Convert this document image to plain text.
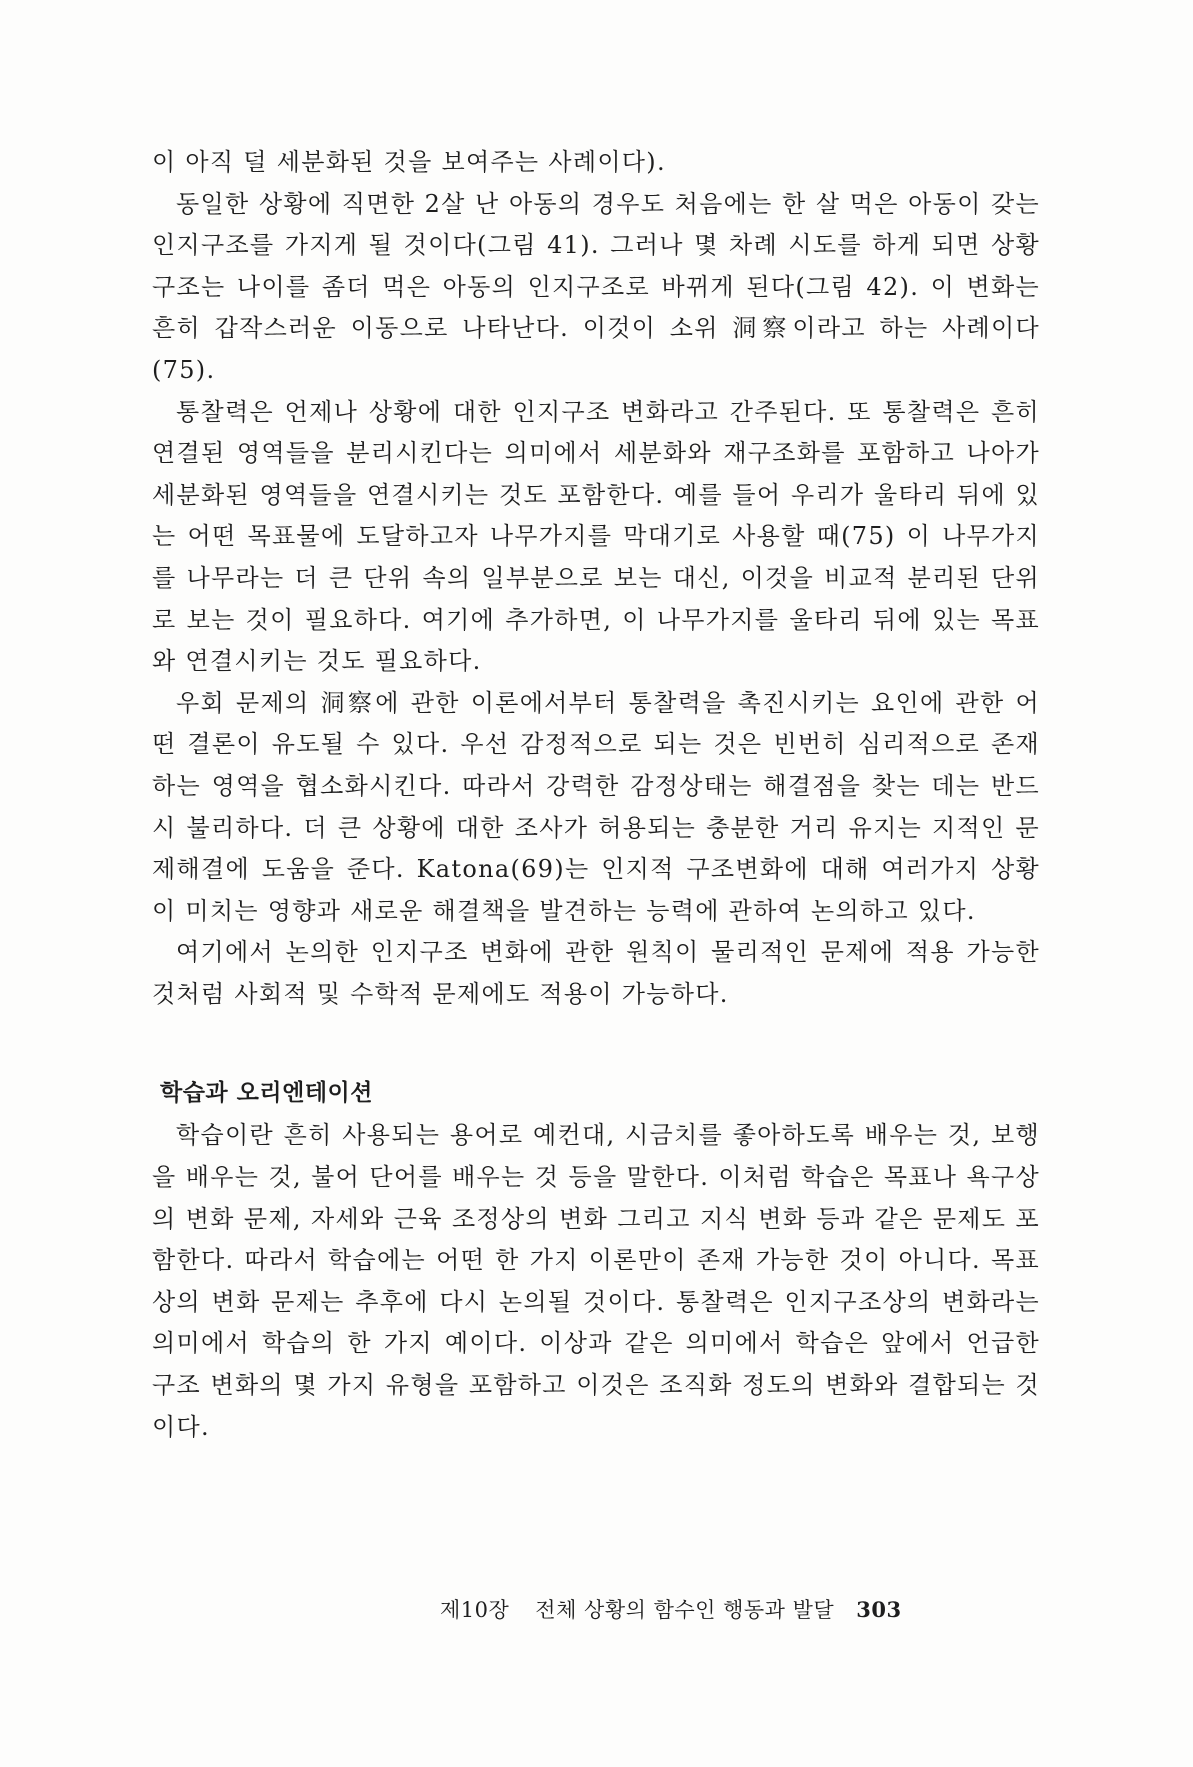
이 아직 덜 세분화된 것을 보여주는 사례이다).

동일한 상황에 직면한 2살 난 아동의 경우도 처음에는 한 살 먹은 아동이 갖는 인지구조를 가지게 될 것이다(그림 41). 그러나 몇 차례 시도를 하게 되면 상황구조는 나이를 좀더 먹은 아동의 인지구조로 바뀌게 된다(그림 42). 이 변화는 흔히 갑작스러운 이동으로 나타난다. 이것이 소위 洞察이라고 하는 사례이다(75).

통찰력은 언제나 상황에 대한 인지구조 변화라고 간주된다. 또 통찰력은 흔히 연결된 영역들을 분리시킨다는 의미에서 세분화와 재구조화를 포함하고 나아가 세분화된 영역들을 연결시키는 것도 포함한다. 예를 들어 우리가 울타리 뒤에 있는 어떤 목표물에 도달하고자 나무가지를 막대기로 사용할 때(75) 이 나무가지를 나무라는 더 큰 단위 속의 일부분으로 보는 대신, 이것을 비교적 분리된 단위로 보는 것이 필요하다. 여기에 추가하면, 이 나무가지를 울타리 뒤에 있는 목표와 연결시키는 것도 필요하다.

우회 문제의 洞察에 관한 이론에서부터 통찰력을 촉진시키는 요인에 관한 어떤 결론이 유도될 수 있다. 우선 감정적으로 되는 것은 빈번히 심리적으로 존재하는 영역을 협소화시킨다. 따라서 강력한 감정상태는 해결점을 찾는 데는 반드시 불리하다. 더 큰 상황에 대한 조사가 허용되는 충분한 거리 유지는 지적인 문제해결에 도움을 준다. Katona(69)는 인지적 구조변화에 대해 여러가지 상황이 미치는 영향과 새로운 해결책을 발견하는 능력에 관하여 논의하고 있다.

여기에서 논의한 인지구조 변화에 관한 원칙이 물리적인 문제에 적용 가능한 것처럼 사회적 및 수학적 문제에도 적용이 가능하다.

학습과 오리엔테이션

학습이란 흔히 사용되는 용어로 예컨대, 시금치를 좋아하도록 배우는 것, 보행을 배우는 것, 불어 단어를 배우는 것 등을 말한다. 이처럼 학습은 목표나 욕구상의 변화 문제, 자세와 근육 조정상의 변화 그리고 지식 변화 등과 같은 문제도 포함한다. 따라서 학습에는 어떤 한 가지 이론만이 존재 가능한 것이 아니다. 목표상의 변화 문제는 추후에 다시 논의될 것이다. 통찰력은 인지구조상의 변화라는 의미에서 학습의 한 가지 예이다. 이상과 같은 의미에서 학습은 앞에서 언급한 구조 변화의 몇 가지 유형을 포함하고 이것은 조직화 정도의 변화와 결합되는 것이다.

제10장 전체 상황의 함수인 행동과 발달 303
